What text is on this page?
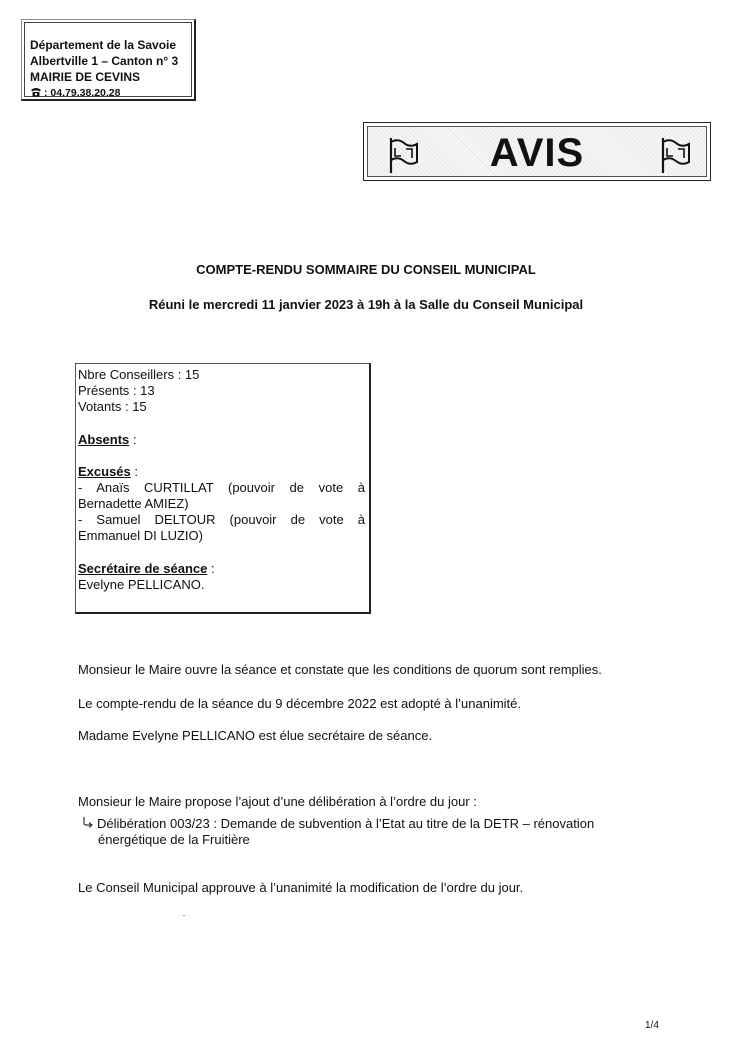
Département de la Savoie
Albertville 1 – Canton n° 3
MAIRIE DE CEVINS
: 04.79.38.20.28
AVIS
COMPTE-RENDU SOMMAIRE DU CONSEIL MUNICIPAL
Réuni le mercredi 11 janvier 2023 à 19h à la Salle du Conseil Municipal
Nbre Conseillers : 15
Présents : 13
Votants : 15
Absents :
Excusés :
- Anaïs CURTILLAT (pouvoir de vote à
Bernadette AMIEZ)
- Samuel DELTOUR (pouvoir de vote à
Emmanuel DI LUZIO)
Secrétaire de séance :
Evelyne PELLICANO.
Monsieur le Maire ouvre la séance et constate que les conditions de quorum sont remplies.
Le compte-rendu de la séance du 9 décembre 2022 est adopté à l’unanimité.
Madame Evelyne PELLICANO est élue secrétaire de séance.
Monsieur le Maire propose l’ajout d’une délibération à l’ordre du jour :
Délibération 003/23 : Demande de subvention à l’Etat au titre de la DETR – rénovation
énergétique de la Fruitière
Le Conseil Municipal approuve à l’unanimité la modification de l’ordre du jour.
1/4
